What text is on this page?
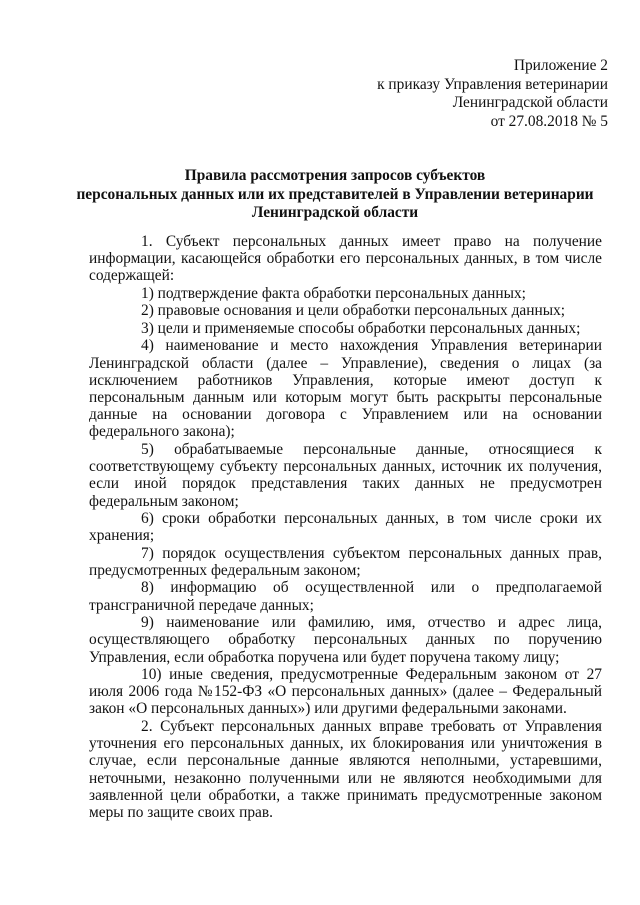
Приложение 2
к приказу Управления ветеринарии
Ленинградской области
от 27.08.2018 № 5
Правила рассмотрения запросов субъектов
персональных данных или их представителей в Управлении ветеринарии
Ленинградской области

1. Субъект персональных данных имеет право на получение информации, касающейся обработки его персональных данных, в том числе содержащей:

1) подтверждение факта обработки персональных данных;

2) правовые основания и цели обработки персональных данных;

3) цели и применяемые способы обработки персональных данных;

4) наименование и место нахождения Управления ветеринарии Ленинградской области (далее – Управление), сведения о лицах (за исключением работников Управления, которые имеют доступ к персональным данным или которым могут быть раскрыты персональные данные на основании договора с Управлением или на основании федерального закона);

5) обрабатываемые персональные данные, относящиеся к соответствующему субъекту персональных данных, источник их получения, если иной порядок представления таких данных не предусмотрен федеральным законом;

6) сроки обработки персональных данных, в том числе сроки их хранения;

7) порядок осуществления субъектом персональных данных прав, предусмотренных федеральным законом;

8) информацию об осуществленной или о предполагаемой трансграничной передаче данных;

9) наименование или фамилию, имя, отчество и адрес лица, осуществляющего обработку персональных данных по поручению Управления, если обработка поручена или будет поручена такому лицу;

10) иные сведения, предусмотренные Федеральным законом от 27 июля 2006 года №152-ФЗ «О персональных данных» (далее – Федеральный закон «О персональных данных») или другими федеральными законами.

2. Субъект персональных данных вправе требовать от Управления уточнения его персональных данных, их блокирования или уничтожения в случае, если персональные данные являются неполными, устаревшими, неточными, незаконно полученными или не являются необходимыми для заявленной цели обработки, а также принимать предусмотренные законом меры по защите своих прав.
